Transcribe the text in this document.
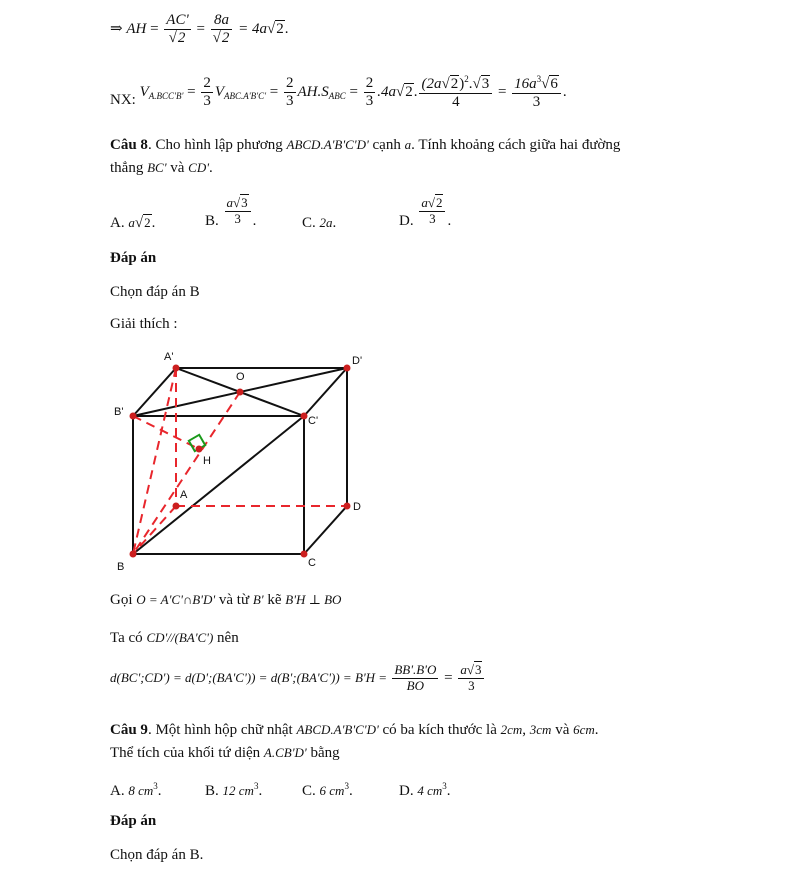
⇒ AH = $\frac{AC'}{√2} = \frac{8a}{√2} = 4a√2$.
NX: $V_{A.BCC'B'} = \frac{2}{3} V_{ABC.A'B'C'} = \frac{2}{3} AH.S_{ABC} = \frac{2}{3} .4a√2$. $\frac{(2a√2)^2.√3}{4} = \frac{16a^3√6}{3}$ .
Câu 8. Cho hình lập phương ABCD.A'B'C'D' cạnh a. Tính khoảng cách giữa hai đường
thẳng BC' và CD'.
A. a√2.	B. $\frac{a√3}{3}$ .	C. 2a.	D. $\frac{a√2}{3}$ .
Đáp án
Chọn đáp án B
Giải thích :
A'	D'
O
B'
C'
H
A
D
B	C
Gọi O = A'C'∩B'D' và từ B' kẽ B'H ⊥ BO
Ta có CD'//(BA'C') nên
d(BC';CD') = d(D';(BA'C')) = d(B';(BA'C')) = $B'H = \frac{BB'.B'O}{BO} = \frac{a√3}{3}$
Câu 9. Một hình hộp chữ nhật ABCD.A'B'C'D' có ba kích thước là 2cm, 3cm và 6cm.
Thể tích của khối tứ diện A.CB'D' bằng
A. 8 $cm^3$.	B. 12 $cm^3$.	C. 6 $cm^3$.	D. 4 $cm^3$.
Đáp án
Chọn đáp án B.
